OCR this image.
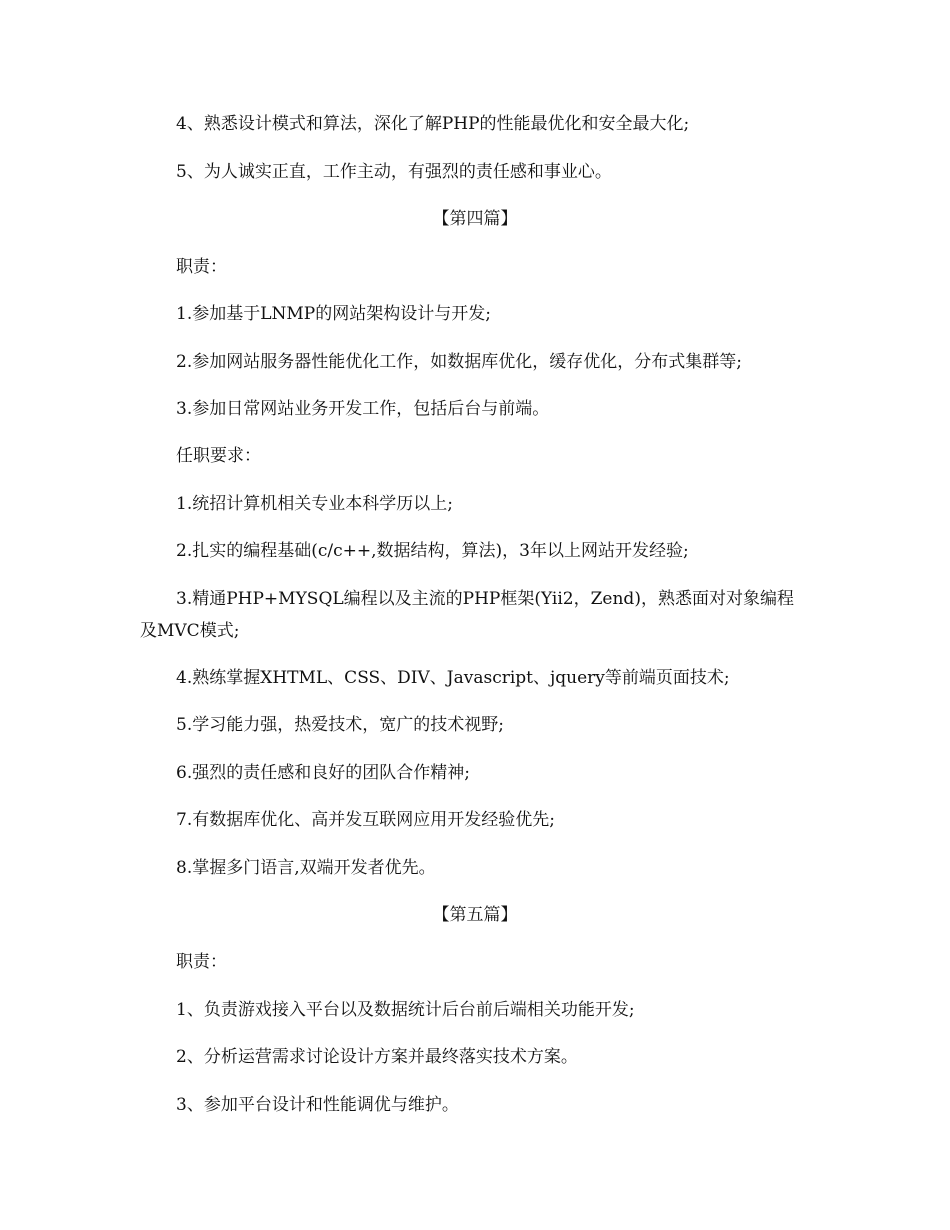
4、熟悉设计模式和算法，深化了解PHP的性能最优化和安全最大化;
5、为人诚实正直，工作主动，有强烈的责任感和事业心。
【第四篇】
职责：
1.参加基于LNMP的网站架构设计与开发;
2.参加网站服务器性能优化工作，如数据库优化，缓存优化，分布式集群等;
3.参加日常网站业务开发工作，包括后台与前端。
任职要求：
1.统招计算机相关专业本科学历以上;
2.扎实的编程基础(c/c++,数据结构，算法)，3年以上网站开发经验;
3.精通PHP+MYSQL编程以及主流的PHP框架(Yii2，Zend)，熟悉面对对象编程
及MVC模式;
4.熟练掌握XHTML、CSS、DIV、Javascript、jquery等前端页面技术;
5.学习能力强，热爱技术，宽广的技术视野;
6.强烈的责任感和良好的团队合作精神;
7.有数据库优化、高并发互联网应用开发经验优先;
8.掌握多门语言,双端开发者优先。
【第五篇】
职责：
1、负责游戏接入平台以及数据统计后台前后端相关功能开发;
2、分析运营需求讨论设计方案并最终落实技术方案。
3、参加平台设计和性能调优与维护。
